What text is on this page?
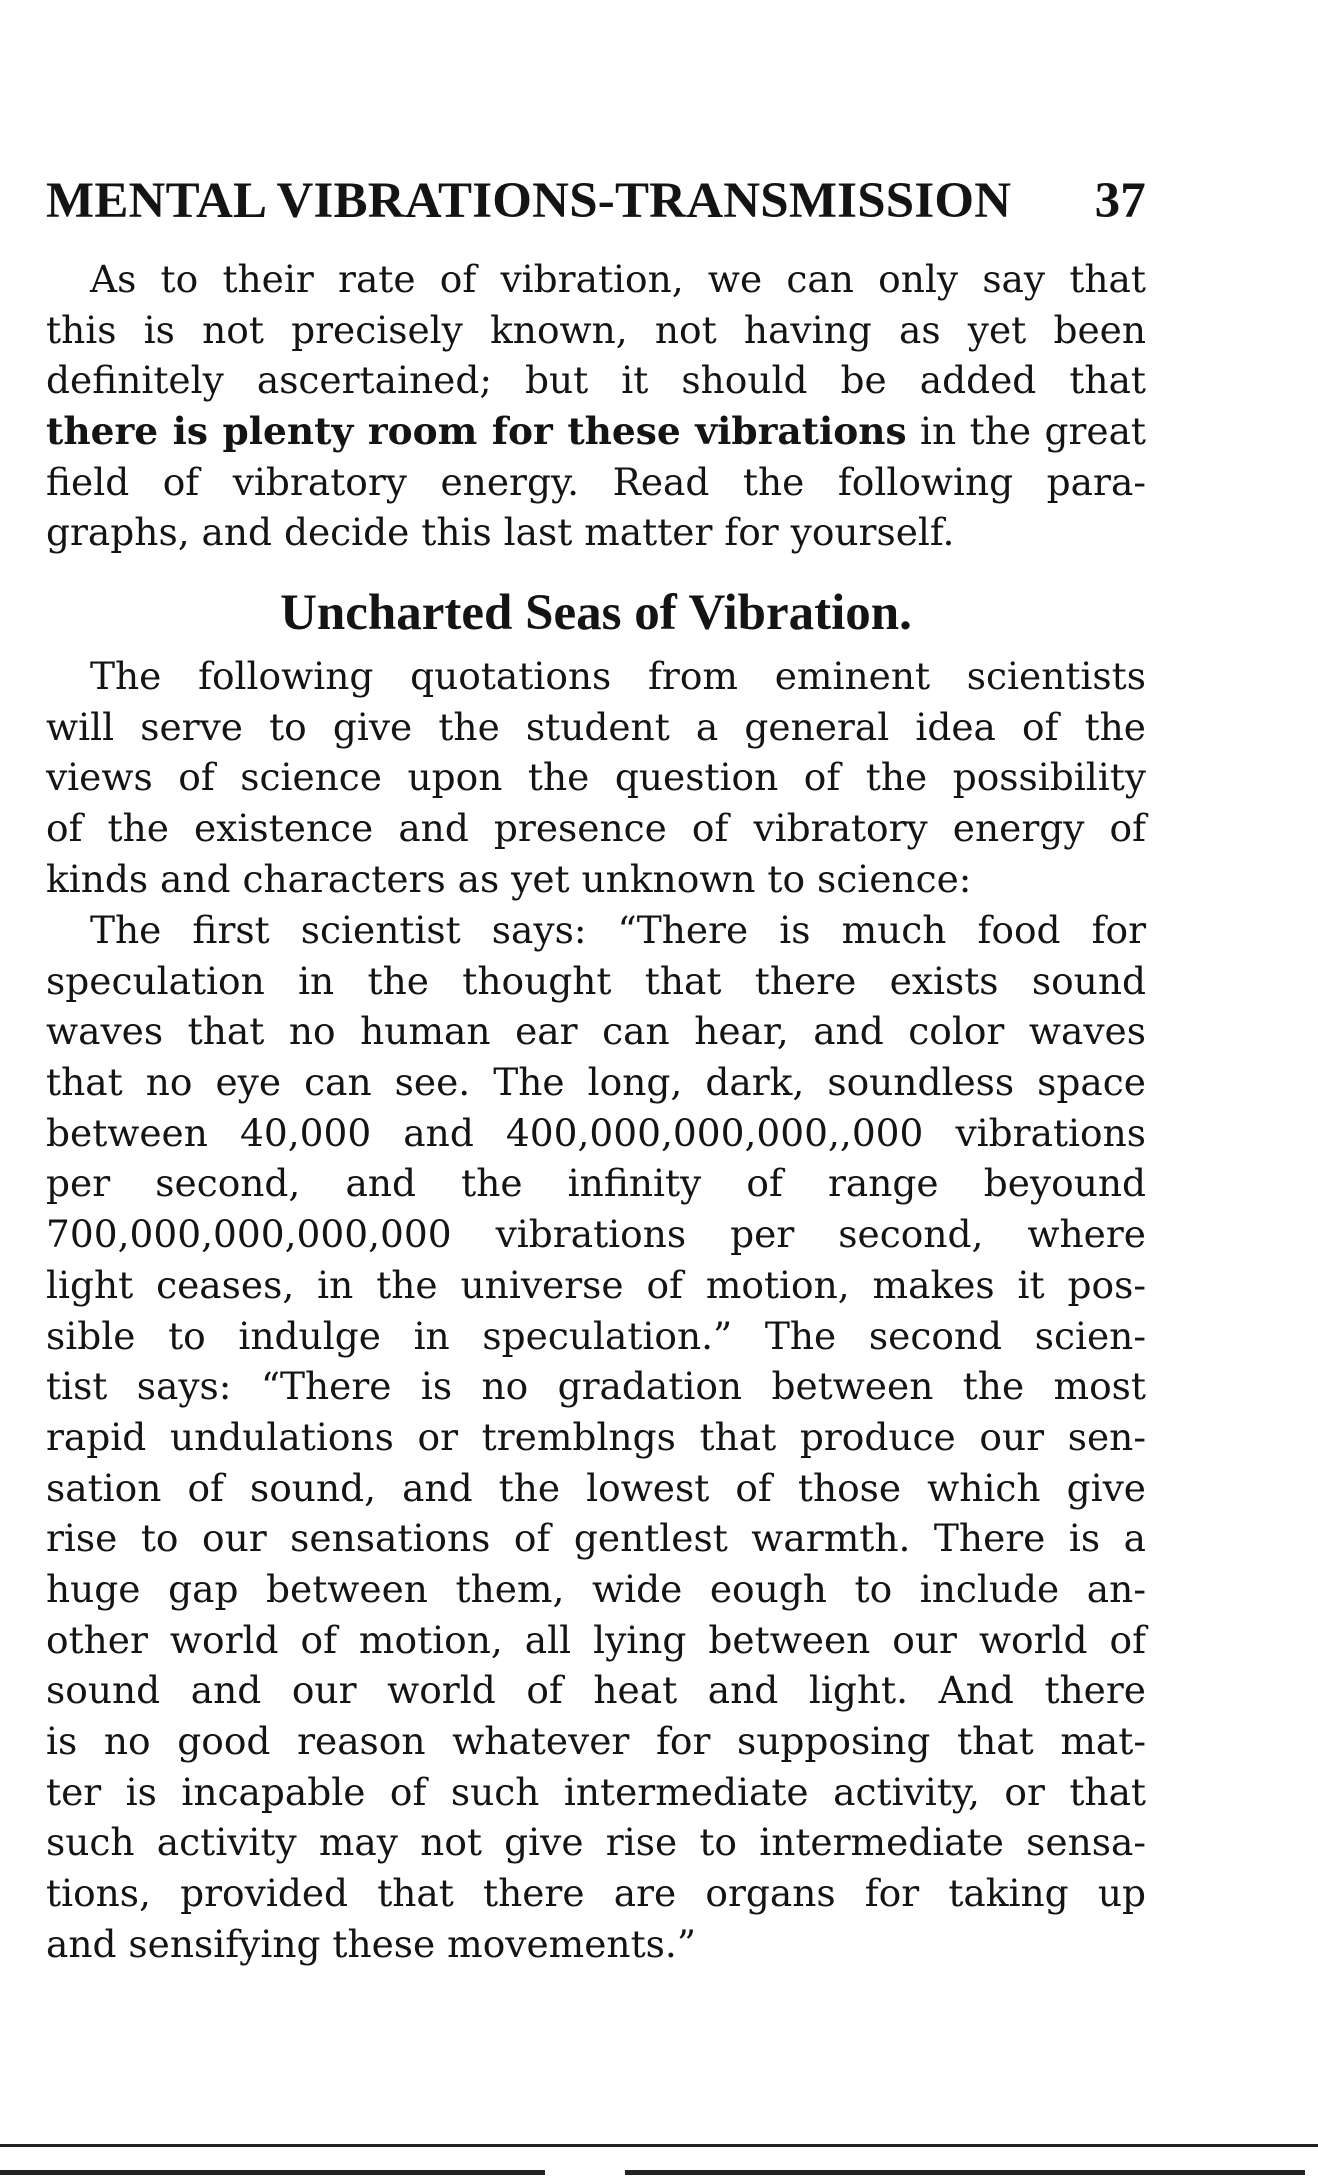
MENTAL VIBRATIONS-TRANSMISSION 37
As to their rate of vibration, we can only say that
this is not precisely known, not having as yet been
definitely ascertained; but it should be added that
there is plenty room for these vibrations in the great
field of vibratory energy. Read the following para-
graphs, and decide this last matter for yourself.
Uncharted Seas of Vibration.
The following quotations from eminent scientists
will serve to give the student a general idea of the
views of science upon the question of the possibility
of the existence and presence of vibratory energy of
kinds and characters as yet unknown to science:
The first scientist says: “There is much food for
speculation in the thought that there exists sound
waves that no human ear can hear, and color waves
that no eye can see. The long, dark, soundless space
between 40,000 and 400,000,000,000,,000 vibrations
per second, and the infinity of range beyound
700,000,000,000,000 vibrations per second, where
light ceases, in the universe of motion, makes it pos-
sible to indulge in speculation.” The second scien-
tist says: “There is no gradation between the most
rapid undulations or tremblngs that produce our sen-
sation of sound, and the lowest of those which give
rise to our sensations of gentlest warmth. There is a
huge gap between them, wide eough to include an-
other world of motion, all lying between our world of
sound and our world of heat and light. And there
is no good reason whatever for supposing that mat-
ter is incapable of such intermediate activity, or that
such activity may not give rise to intermediate sensa-
tions, provided that there are organs for taking up
and sensifying these movements.”
